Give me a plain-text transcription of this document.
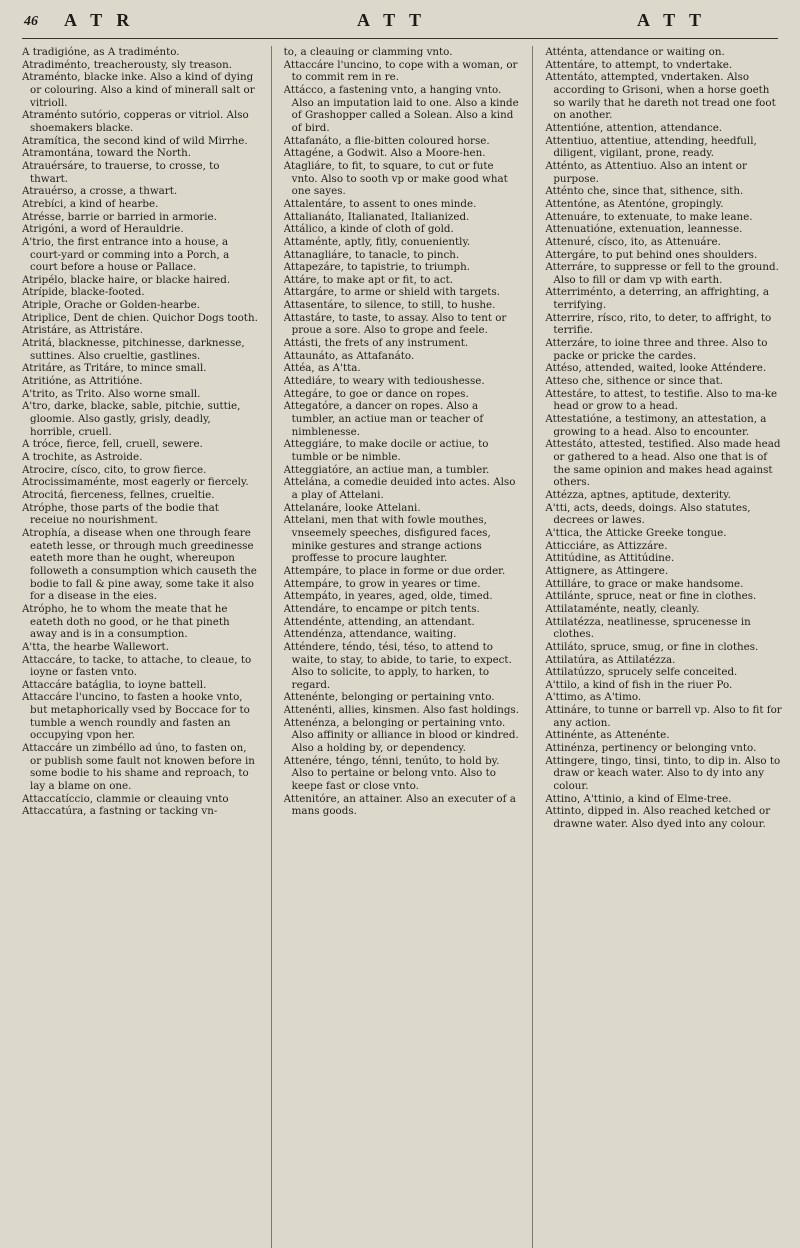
46 A T R	A T T	A T T

A tradigióne, as A tradiménto.

Atradiménto, treacherousty, sly treason.

Atraménto, blacke inke. Also a kind of dying or colouring. Also a kind of minerall salt or vitrioll.

Atraménto sutório, copperas or vitriol. Also shoemakers blacke.

Atramítica, the second kind of wild Mirrhe.

Atramontána, toward the North.

Atrauérsáre, to trauerse, to crosse, to thwart.

Atrauérso, a crosse, a thwart.

Atrebíci, a kind of hearbe.

Atrésse, barrie or barried in armorie.

Atrigóni, a word of Herauldrie.

A'trio, the first entrance into a house, a court-yard or comming into a Porch, a court before a house or Pallace.

Atripélo, blacke haire, or blacke haired.

Atrípide, blacke-footed.

Atriple, Orache or Golden-hearbe.

Atriplice, Dent de chien. Quichor Dogs tooth.

Atristáre, as Attristáre.

Atritá, blacknesse, pitchinesse, darknesse, suttines. Also crueltie, gastlines.

Atritáre, as Tritáre, to mince small.

Atritióne, as Attritióne.

A'trito, as Trito. Also worne small.

A'tro, darke, blacke, sable, pitchie, suttie, gloomie. Also gastly, grisly, deadly, horrible, cruell.

A tróce, fierce, fell, cruell, sewere.

A trochite, as Astroide.

Atrocire, císco, cito, to grow fierce.

Atrocissimaménte, most eagerly or fiercely.

Atrocitá, fierceness, fellnes, crueltie.

Atróphe, those parts of the bodie that receiue no nourishment.

Atrophía, a disease when one through feare eateth lesse, or through much greedinesse eateth more than he ought, whereupon followeth a consumption which causeth the bodie to fall & pine away, some take it also for a disease in the eies.

Atrópho, he to whom the meate that he eateth doth no good, or he that pineth away and is in a consumption.

A'tta, the hearbe Wallewort.

Attaccáre, to tacke, to attache, to cleaue, to ioyne or fasten vnto.

Attaccáre batáglia, to ioyne battell.

Attaccáre l'uncino, to fasten a hooke vnto, but metaphorically vsed by Boccace for to tumble a wench roundly and fasten an occupying vpon her.

Attaccáre un zimbéllo ad úno, to fasten on, or publish some fault not knowen before in some bodie to his shame and reproach, to lay a blame on one.

Attaccatíccio, clammie or cleauing vnto

Attaccatúra, a fastning or tacking vn-

to, a cleauing or clamming vnto.

Attaccáre l'uncino, to cope with a woman, or to commit rem in re.

Attácco, a fastening vnto, a hanging vnto. Also an imputation laid to one. Also a kinde of Grashopper called a Solean. Also a kind of bird.

Attafanáto, a flie-bitten coloured horse.

Attagéne, a Godwit. Also a Moore-hen.

Atagliáre, to fit, to square, to cut or fute vnto. Also to sooth vp or make good what one sayes.

Attalentáre, to assent to ones minde.

Attalianáto, Italianated, Italianized.

Attálico, a kinde of cloth of gold.

Attaménte, aptly, fitly, conueniently.

Attanagliáre, to tanacle, to pinch.

Attapezáre, to tapistrie, to triumph.

Attáre, to make apt or fit, to act.

Attargáre, to arme or shield with targets.

Attasentáre, to silence, to still, to hushe.

Attastáre, to taste, to assay. Also to tent or proue a sore. Also to grope and feele.

Attásti, the frets of any instrument.

Attaunáto, as Attafanáto.

Attéa, as A'tta.

Attediáre, to weary with tedioushesse.

Attegáre, to goe or dance on ropes.

Attegatóre, a dancer on ropes. Also a tumbler, an actiue man or teacher of nimblenesse.

Atteggiáre, to make docile or actiue, to tumble or be nimble.

Atteggiatóre, an actiue man, a tumbler.

Attelána, a comedie deuided into actes. Also a play of Attelani.

Attelanáre, looke Attelani.

Attelani, men that with fowle mouthes, vnseemely speeches, disfigured faces, minike gestures and strange actions proffesse to procure laughter.

Attempáre, to place in forme or due order.

Attempáre, to grow in yeares or time.

Attempáto, in yeares, aged, olde, timed.

Attendáre, to encampe or pitch tents.

Attendénte, attending, an attendant.

Attendénza, attendance, waiting.

Atténdere, téndo, tési, téso, to attend to waite, to stay, to abide, to tarie, to expect. Also to solicite, to apply, to harken, to regard.

Attenénte, belonging or pertaining vnto.

Attenénti, allies, kinsmen. Also fast holdings.

Attenénza, a belonging or pertaining vnto. Also affinity or alliance in blood or kindred. Also a holding by, or dependency.

Attenére, téngo, ténni, tenúto, to hold by. Also to pertaine or belong vnto. Also to keepe fast or close vnto.

Attenitóre, an attainer. Also an executer of a mans goods.

Atténta, attendance or waiting on.

Attentáre, to attempt, to vndertake.

Attentáto, attempted, vndertaken. Also according to Grisoni, when a horse goeth so warily that he dareth not tread one foot on another.

Attentióne, attention, attendance.

Attentiuo, attentiue, attending, heedfull, diligent, vigilant, prone, ready.

Atténto, as Attentiuo. Also an intent or purpose.

Atténto che, since that, sithence, sith.

Attentóne, as Atentóne, gropingly.

Attenuáre, to extenuate, to make leane.

Attenuatióne, extenuation, leannesse.

Attenuré, císco, ito, as Attenuáre.

Attergáre, to put behind ones shoulders.

Atterráre, to suppresse or fell to the ground. Also to fill or dam vp with earth.

Atterriménto, a deterring, an affrighting, a terrifying.

Atterrire, rísco, rito, to deter, to affright, to terrifie.

Atterzáre, to ioine three and three. Also to packe or pricke the cardes.

Attéso, attended, waited, looke Atténdere.

Atteso che, sithence or since that.

Attestáre, to attest, to testifie. Also to ma-ke head or grow to a head.

Attestatióne, a testimony, an attestation, a growing to a head. Also to encounter.

Attestáto, attested, testified. Also made head or gathered to a head. Also one that is of the same opinion and makes head against others.

Attézza, aptnes, aptitude, dexterity.

A'tti, acts, deeds, doings. Also statutes, decrees or lawes.

A'ttica, the Atticke Greeke tongue.

Atticciáre, as Attizzáre.

Attitúdine, as Attitúdine.

Attignere, as Attingere.

Attilláre, to grace or make handsome.

Attilánte, spruce, neat or fine in clothes.

Attilataménte, neatly, cleanly.

Attilatézza, neatlinesse, sprucenesse in clothes.

Attiláto, spruce, smug, or fine in clothes.

Attilatúra, as Attilatézza.

Attilatúzzo, sprucely selfe conceited.

A'ttilo, a kind of fish in the riuer Po.

A'ttimo, as A'timo.

Attináre, to tunne or barrell vp. Also to fit for any action.

Attinénte, as Attenénte.

Attinénza, pertinency or belonging vnto.

Attingere, tingo, tinsi, tinto, to dip in. Also to draw or keach water. Also to dy into any colour.

Attino, A'ttinio, a kind of Elme-tree.

Attinto, dipped in. Also reached ketched or drawne water. Also dyed into any colour.
